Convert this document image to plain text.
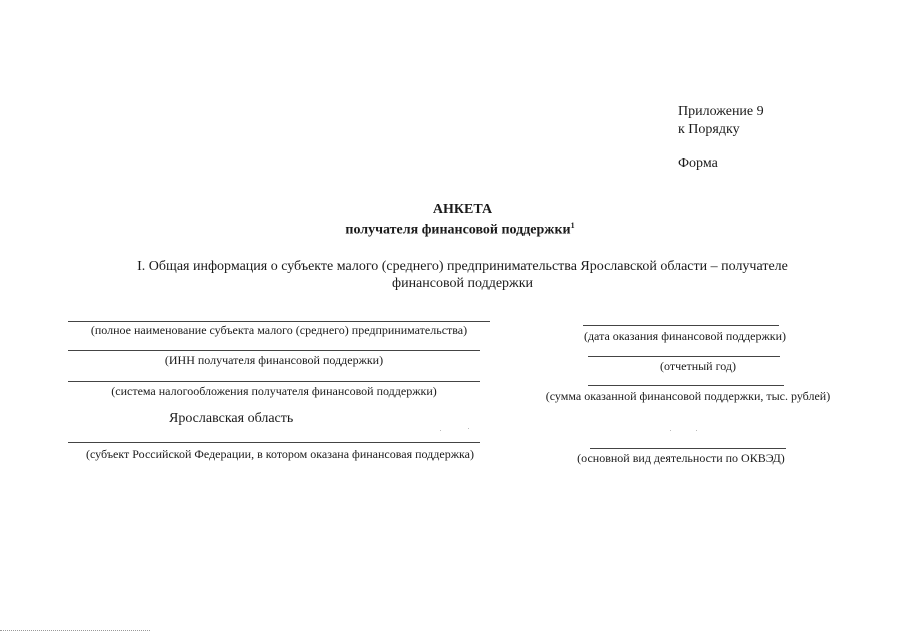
Приложение 9
к Порядку
Форма
АНКЕТА
получателя финансовой поддержки$^1$
I. Общая информация о субъекте малого (среднего) предпринимательства Ярославской области – получателе
финансовой поддержки
(полное наименование субъекта малого (среднего) предпринимательства)
(ИНН получателя финансовой поддержки)
(система налогообложения получателя финансовой поддержки)
Ярославская область
(субъект Российской Федерации, в котором оказана финансовая поддержка)
(дата оказания финансовой поддержки)
(отчетный год)
(сумма оказанной финансовой поддержки, тыс. рублей)
(основной вид деятельности по ОКВЭД)
